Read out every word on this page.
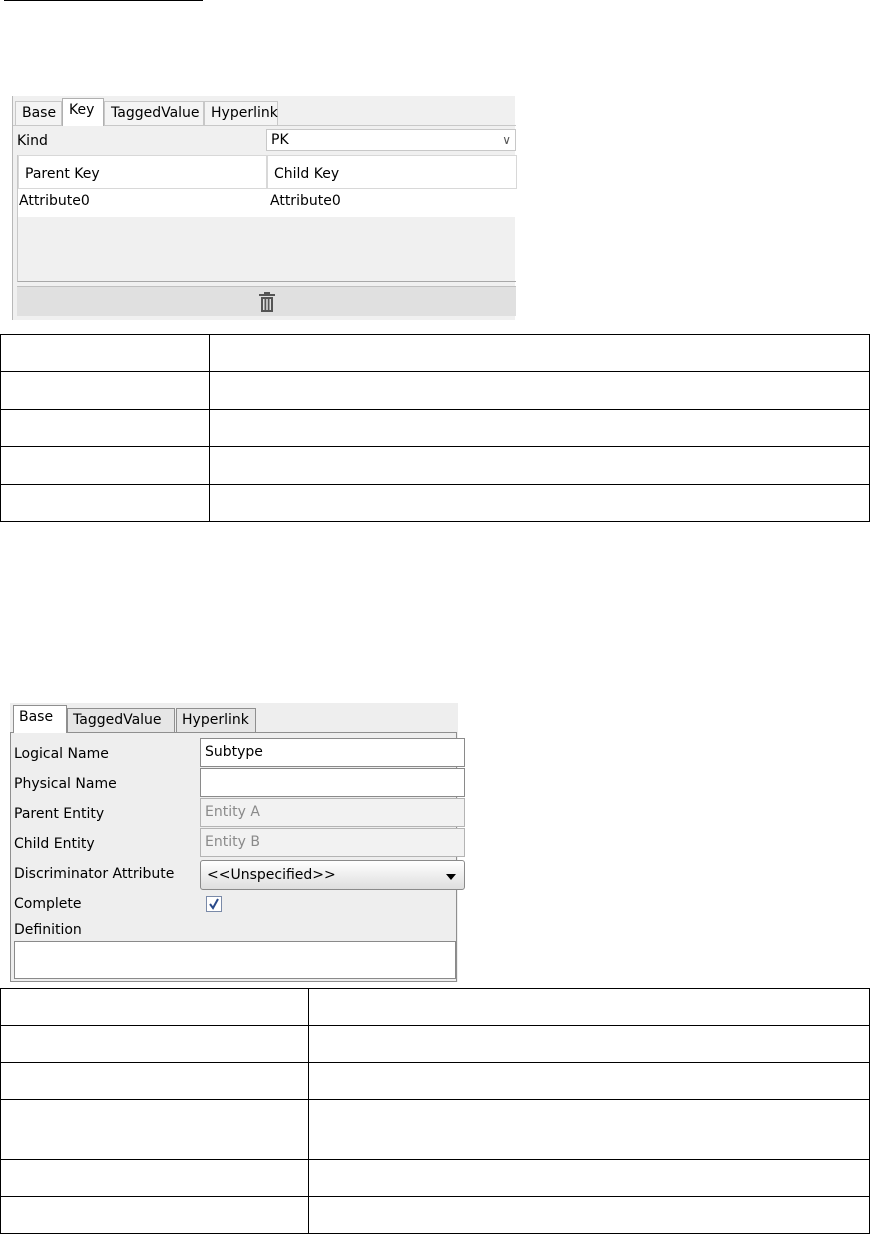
Base Key	TaggedValue Hyperlink
Kind	PK	∨
Parent Key	Child Key
Attribute0	Attribute0

Base	TaggedValue	Hyperlink
Logical Name	Subtype
Physical Name
Parent Entity	Entity A
Child Entity	Entity B
Discriminator Attribute	<<Unspecified>>
Complete
Definition
